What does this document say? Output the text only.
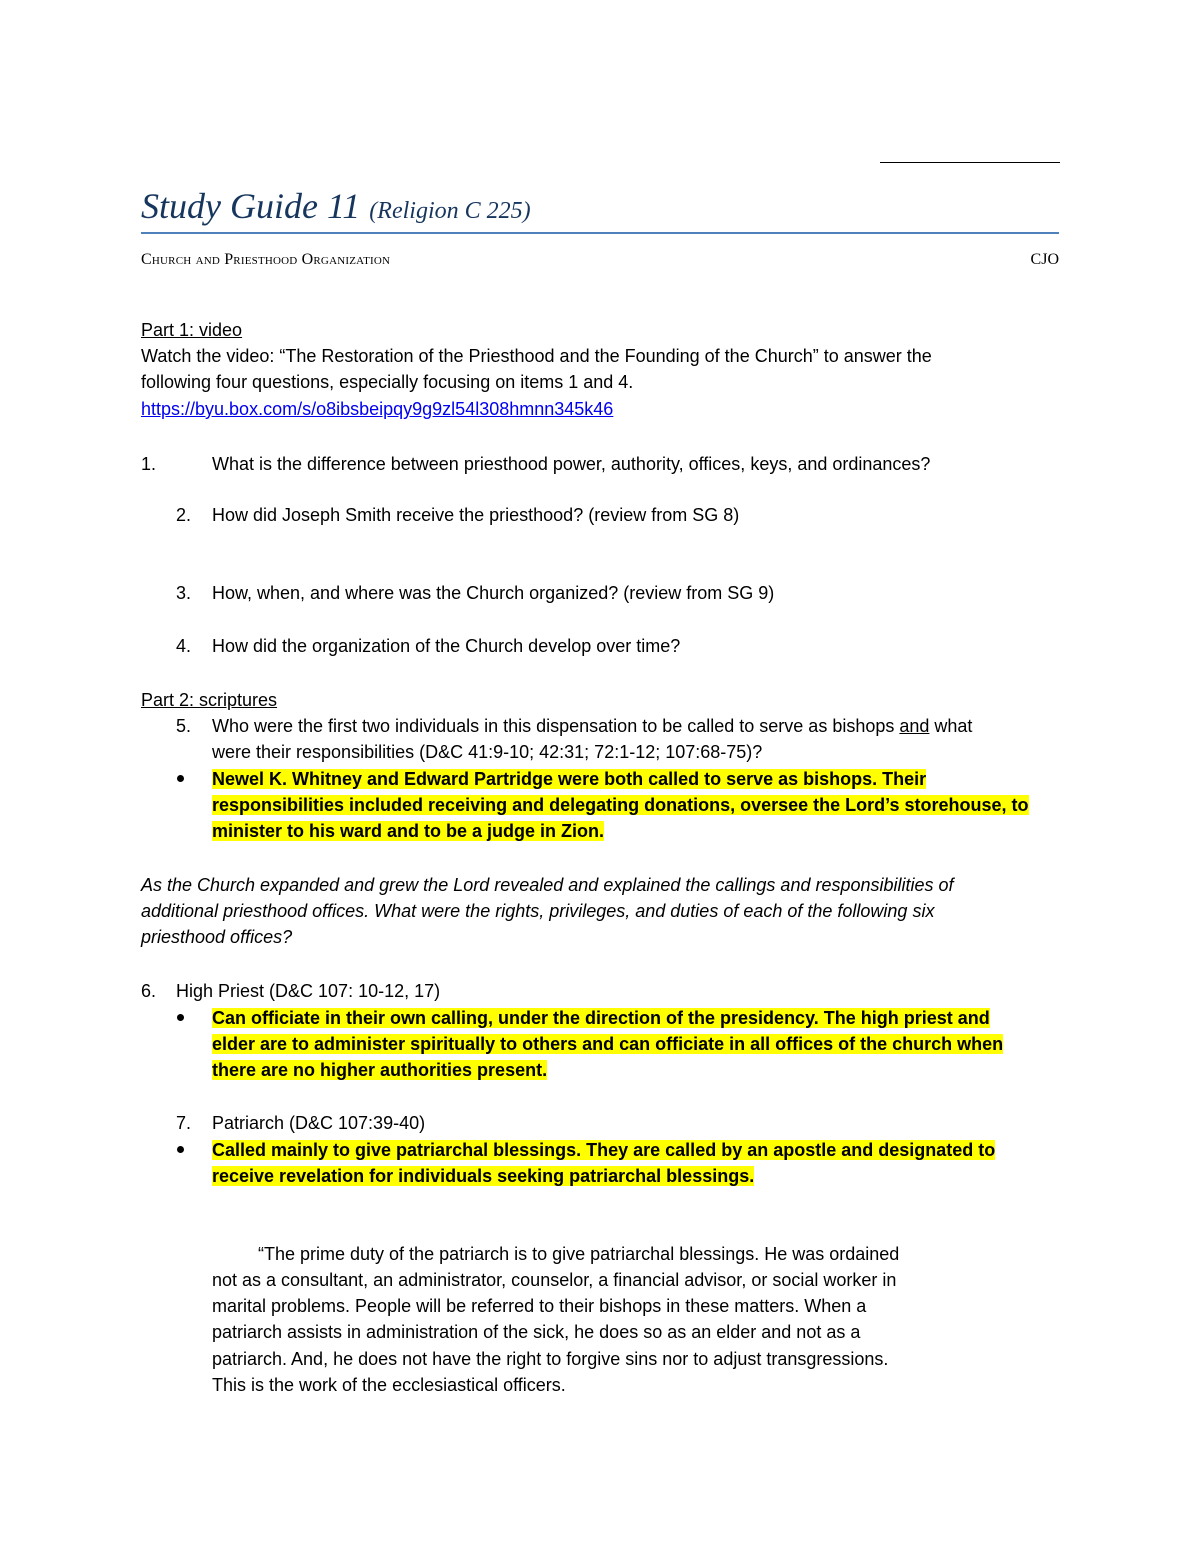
Study Guide 11 (Religion C 225)
Church and Priesthood Organization	CJO
Part 1: video
Watch the video: “The Restoration of the Priesthood and the Founding of the Church” to answer the
following four questions, especially focusing on items 1 and 4.
https://byu.box.com/s/o8ibsbeipqy9g9zl54l308hmnn345k46
1.	What is the difference between priesthood power, authority, offices, keys, and ordinances?
2. How did Joseph Smith receive the priesthood? (review from SG 8)
3. How, when, and where was the Church organized? (review from SG 9)
4. How did the organization of the Church develop over time?
Part 2: scriptures
5. Who were the first two individuals in this dispensation to be called to serve as bishops and what
were their responsibilities (D&C 41:9-10; 42:31; 72:1-12; 107:68-75)?
Newel K. Whitney and Edward Partridge were both called to serve as bishops. Their
responsibilities included receiving and delegating donations, oversee the Lord’s storehouse, to
minister to his ward and to be a judge in Zion.
As the Church expanded and grew the Lord revealed and explained the callings and responsibilities of
additional priesthood offices. What were the rights, privileges, and duties of each of the following six
priesthood offices?
6. High Priest (D&C 107: 10-12, 17)
Can officiate in their own calling, under the direction of the presidency. The high priest and
elder are to administer spiritually to others and can officiate in all offices of the church when
there are no higher authorities present.
7. Patriarch (D&C 107:39-40)
Called mainly to give patriarchal blessings. They are called by an apostle and designated to
receive revelation for individuals seeking patriarchal blessings.
“The prime duty of the patriarch is to give patriarchal blessings. He was ordained
not as a consultant, an administrator, counselor, a financial advisor, or social worker in
marital problems. People will be referred to their bishops in these matters. When a
patriarch assists in administration of the sick, he does so as an elder and not as a
patriarch. And, he does not have the right to forgive sins nor to adjust transgressions.
This is the work of the ecclesiastical officers.
